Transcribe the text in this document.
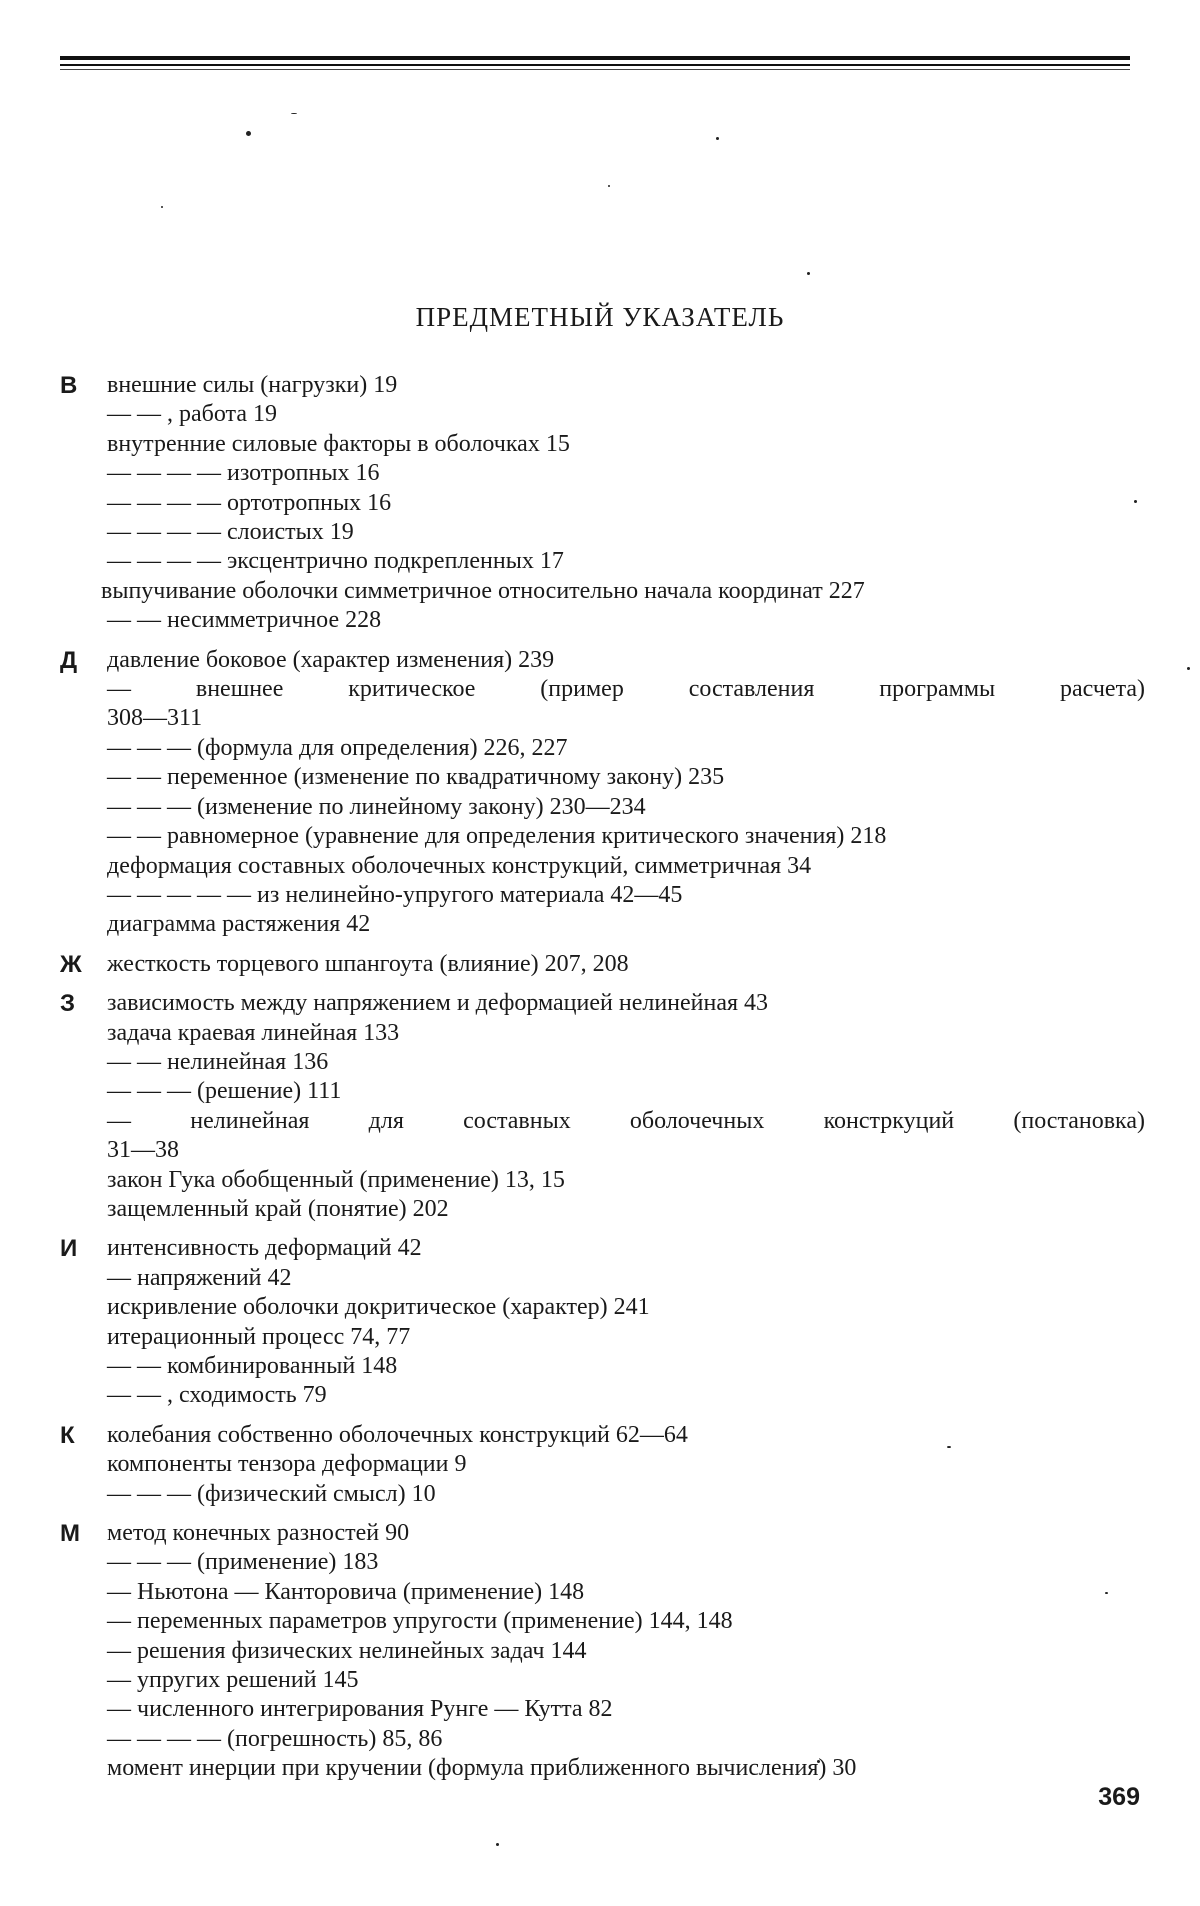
ПРЕДМЕТНЫЙ УКАЗАТЕЛЬ
В внешние силы (нагрузки) 19
— — , работа 19
внутренние силовые факторы в оболочках 15
— — — — изотропных 16
— — — — ортотропных 16
— — — — слоистых 19
— — — — эксцентрично подкрепленных 17
выпучивание оболочки симметричное относительно начала координат 227
— — несимметричное 228
Д давление боковое (характер изменения) 239
— внешнее критическое (пример составления программы расчета)
308—311
— — — (формула для определения) 226, 227
— — переменное (изменение по квадратичному закону) 235
— — — (изменение по линейному закону) 230—234
— — равномерное (уравнение для определения критического значения) 218
деформация составных оболочечных конструкций, симметричная 34
— — — — — из нелинейно-упругого материала 42—45
диаграмма растяжения 42
Ж жесткость торцевого шпангоута (влияние) 207, 208
З зависимость между напряжением и деформацией нелинейная 43
задача краевая линейная 133
— — нелинейная 136
— — — (решение) 111
— нелинейная для составных оболочечных констркуций (постановка)
31—38
закон Гука обобщенный (применение) 13, 15
защемленный край (понятие) 202
И интенсивность деформаций 42
— напряжений 42
искривление оболочки докритическое (характер) 241
итерационный процесс 74, 77
— — комбинированный 148
— — , сходимость 79
К колебания собственно оболочечных конструкций 62—64
компоненты тензора деформации 9
— — — (физический смысл) 10
М метод конечных разностей 90
— — — (применение) 183
— Ньютона — Канторовича (применение) 148
— переменных параметров упругости (применение) 144, 148
— решения физических нелинейных задач 144
— упругих решений 145
— численного интегрирования Рунге — Кутта 82
— — — — (погрешность) 85, 86
момент инерции при кручении (формула приближенного вычисления) 30
369
